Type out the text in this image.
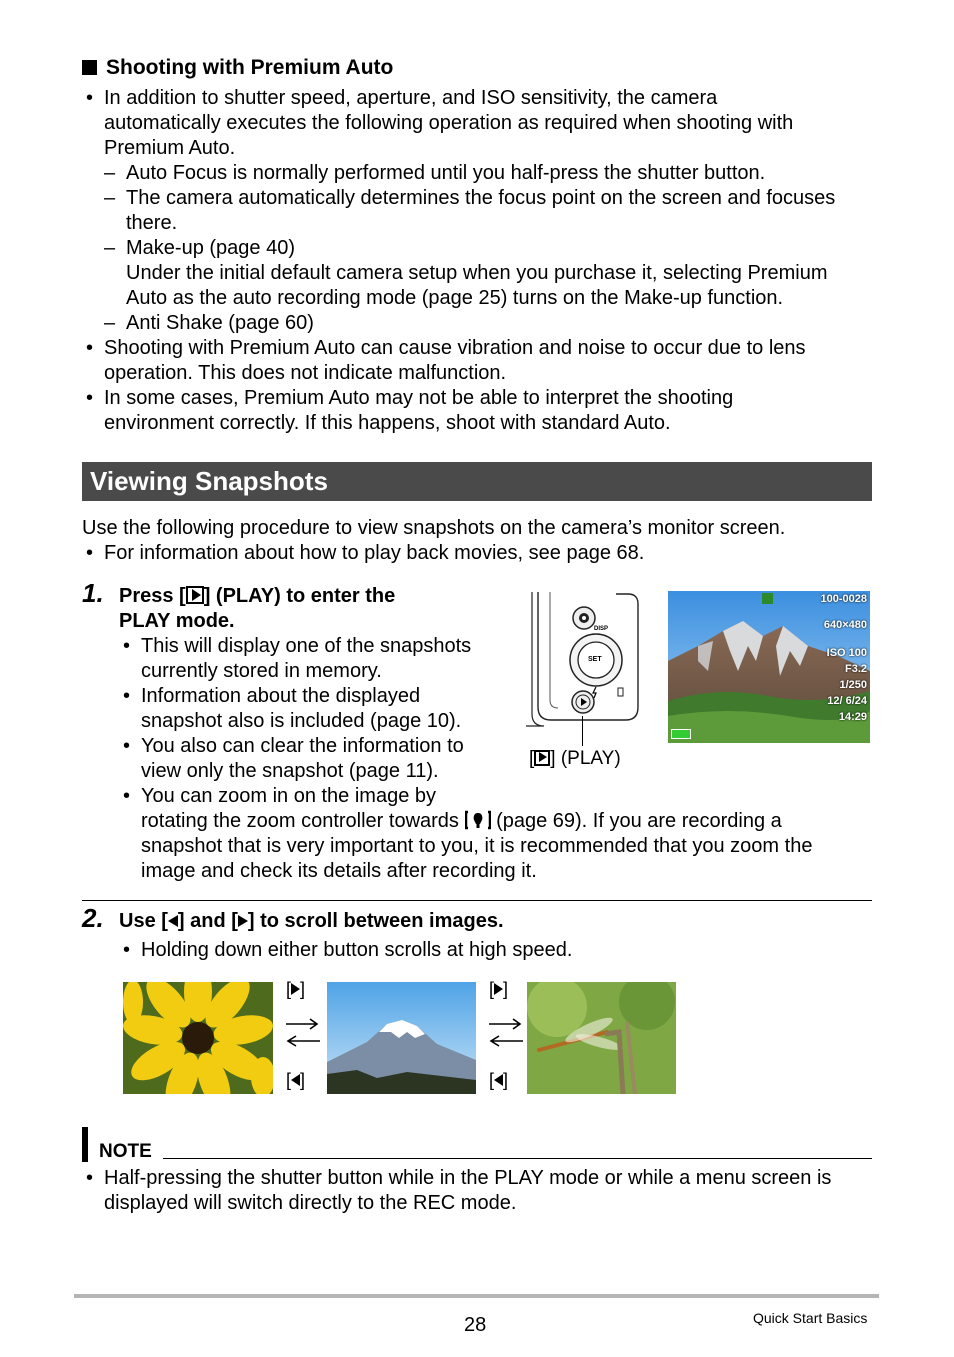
Shooting with Premium Auto
• In addition to shutter speed, aperture, and ISO sensitivity, the camera
automatically executes the following operation as required when shooting with
Premium Auto.
– Auto Focus is normally performed until you half-press the shutter button.
– The camera automatically determines the focus point on the screen and focuses
there.
– Make-up (page 40)
Under the initial default camera setup when you purchase it, selecting Premium
Auto as the auto recording mode (page 25) turns on the Make-up function.
– Anti Shake (page 60)
• Shooting with Premium Auto can cause vibration and noise to occur due to lens
operation. This does not indicate malfunction.
• In some cases, Premium Auto may not be able to interpret the shooting
environment correctly. If this happens, shoot with standard Auto.
Viewing Snapshots
Use the following procedure to view snapshots on the camera’s monitor screen.
• For information about how to play back movies, see page 68.
1. Press [ ] (PLAY) to enter the
PLAY mode.
• This will display one of the snapshots
currently stored in memory.
• Information about the displayed
snapshot also is included (page 10).
• You also can clear the information to
view only the snapshot (page 11).
• You can zoom in on the image by
rotating the zoom controller towards (page 69). If you are recording a
snapshot that is very important to you, it is recommended that you zoom the
image and check its details after recording it.
DISP
SET
[ ] (PLAY)
100-0028
640×480
ISO 100
F3.2
1/250
12/ 6/24
14:29
2. Use [ ] and [ ] to scroll between images.
• Holding down either button scrolls at high speed.
[ ]
[ ]
[ ]
[ ]
NOTE
• Half-pressing the shutter button while in the PLAY mode or while a menu screen is
displayed will switch directly to the REC mode.
28	Quick Start Basics
